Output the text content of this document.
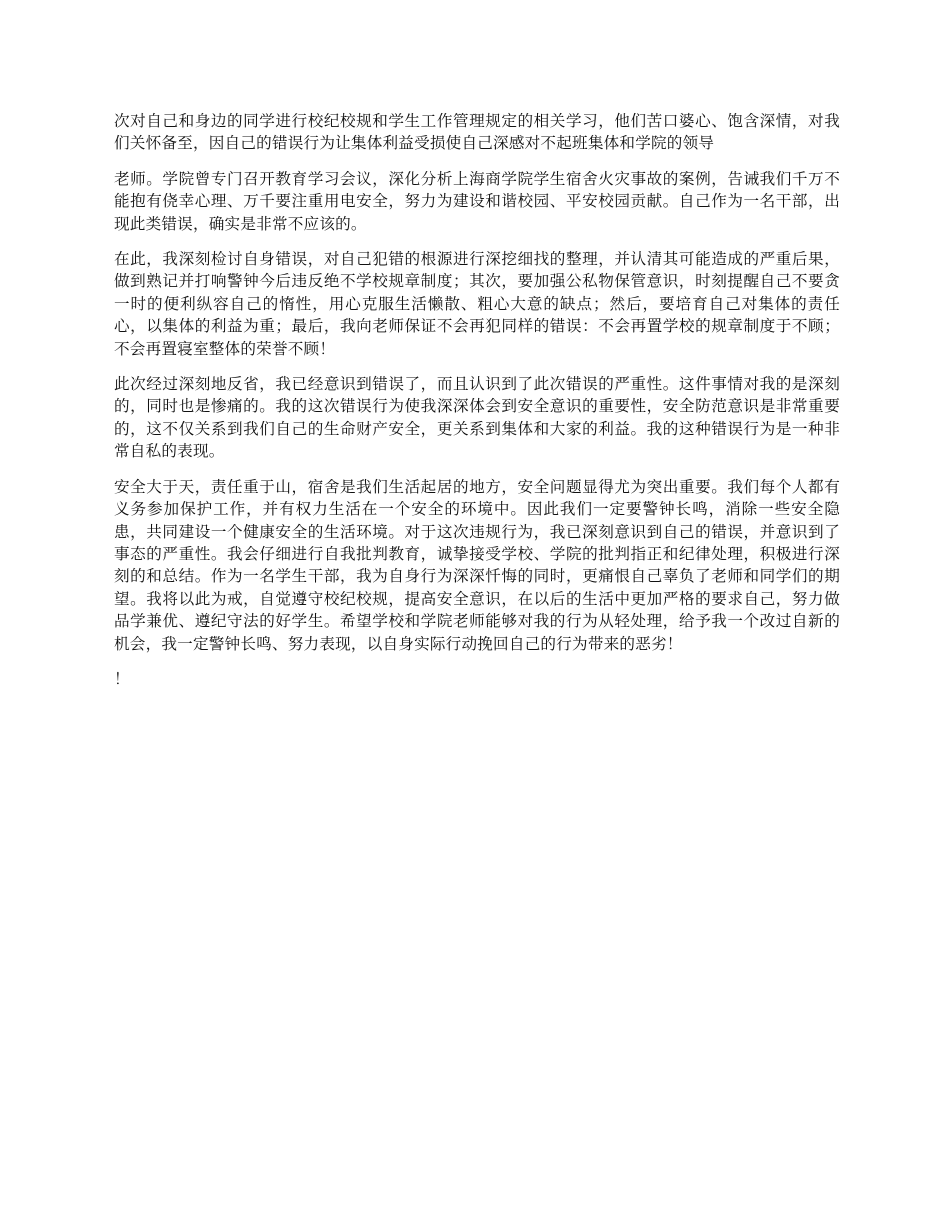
次对自己和身边的同学进行校纪校规和学生工作管理规定的相关学习，他们苦口婆心、饱含深情，对我们关怀备至，因自己的错误行为让集体利益受损使自己深感对不起班集体和学院的领导

老师。学院曾专门召开教育学习会议，深化分析上海商学院学生宿舍火灾事故的案例，告诫我们千万不能抱有侥幸心理、万千要注重用电安全，努力为建设和谐校园、平安校园贡献。自己作为一名干部，出现此类错误，确实是非常不应该的。

在此，我深刻检讨自身错误，对自己犯错的根源进行深挖细找的整理，并认清其可能造成的严重后果，做到熟记并打响警钟今后违反绝不学校规章制度；其次，要加强公私物保管意识，时刻提醒自己不要贪一时的便利纵容自己的惰性，用心克服生活懒散、粗心大意的缺点；然后，要培育自己对集体的责任心，以集体的利益为重；最后，我向老师保证不会再犯同样的错误：不会再置学校的规章制度于不顾；不会再置寝室整体的荣誉不顾！

此次经过深刻地反省，我已经意识到错误了，而且认识到了此次错误的严重性。这件事情对我的是深刻的，同时也是惨痛的。我的这次错误行为使我深深体会到安全意识的重要性，安全防范意识是非常重要的，这不仅关系到我们自己的生命财产安全，更关系到集体和大家的利益。我的这种错误行为是一种非常自私的表现。

安全大于天，责任重于山，宿舍是我们生活起居的地方，安全问题显得尤为突出重要。我们每个人都有义务参加保护工作，并有权力生活在一个安全的环境中。因此我们一定要警钟长鸣，消除一些安全隐患，共同建设一个健康安全的生活环境。对于这次违规行为，我已深刻意识到自己的错误，并意识到了事态的严重性。我会仔细进行自我批判教育，诚挚接受学校、学院的批判指正和纪律处理，积极进行深刻的和总结。作为一名学生干部，我为自身行为深深忏悔的同时，更痛恨自己辜负了老师和同学们的期望。我将以此为戒，自觉遵守校纪校规，提高安全意识，在以后的生活中更加严格的要求自己，努力做品学兼优、遵纪守法的好学生。希望学校和学院老师能够对我的行为从轻处理，给予我一个改过自新的机会，我一定警钟长鸣、努力表现，以自身实际行动挽回自己的行为带来的恶劣！

！
